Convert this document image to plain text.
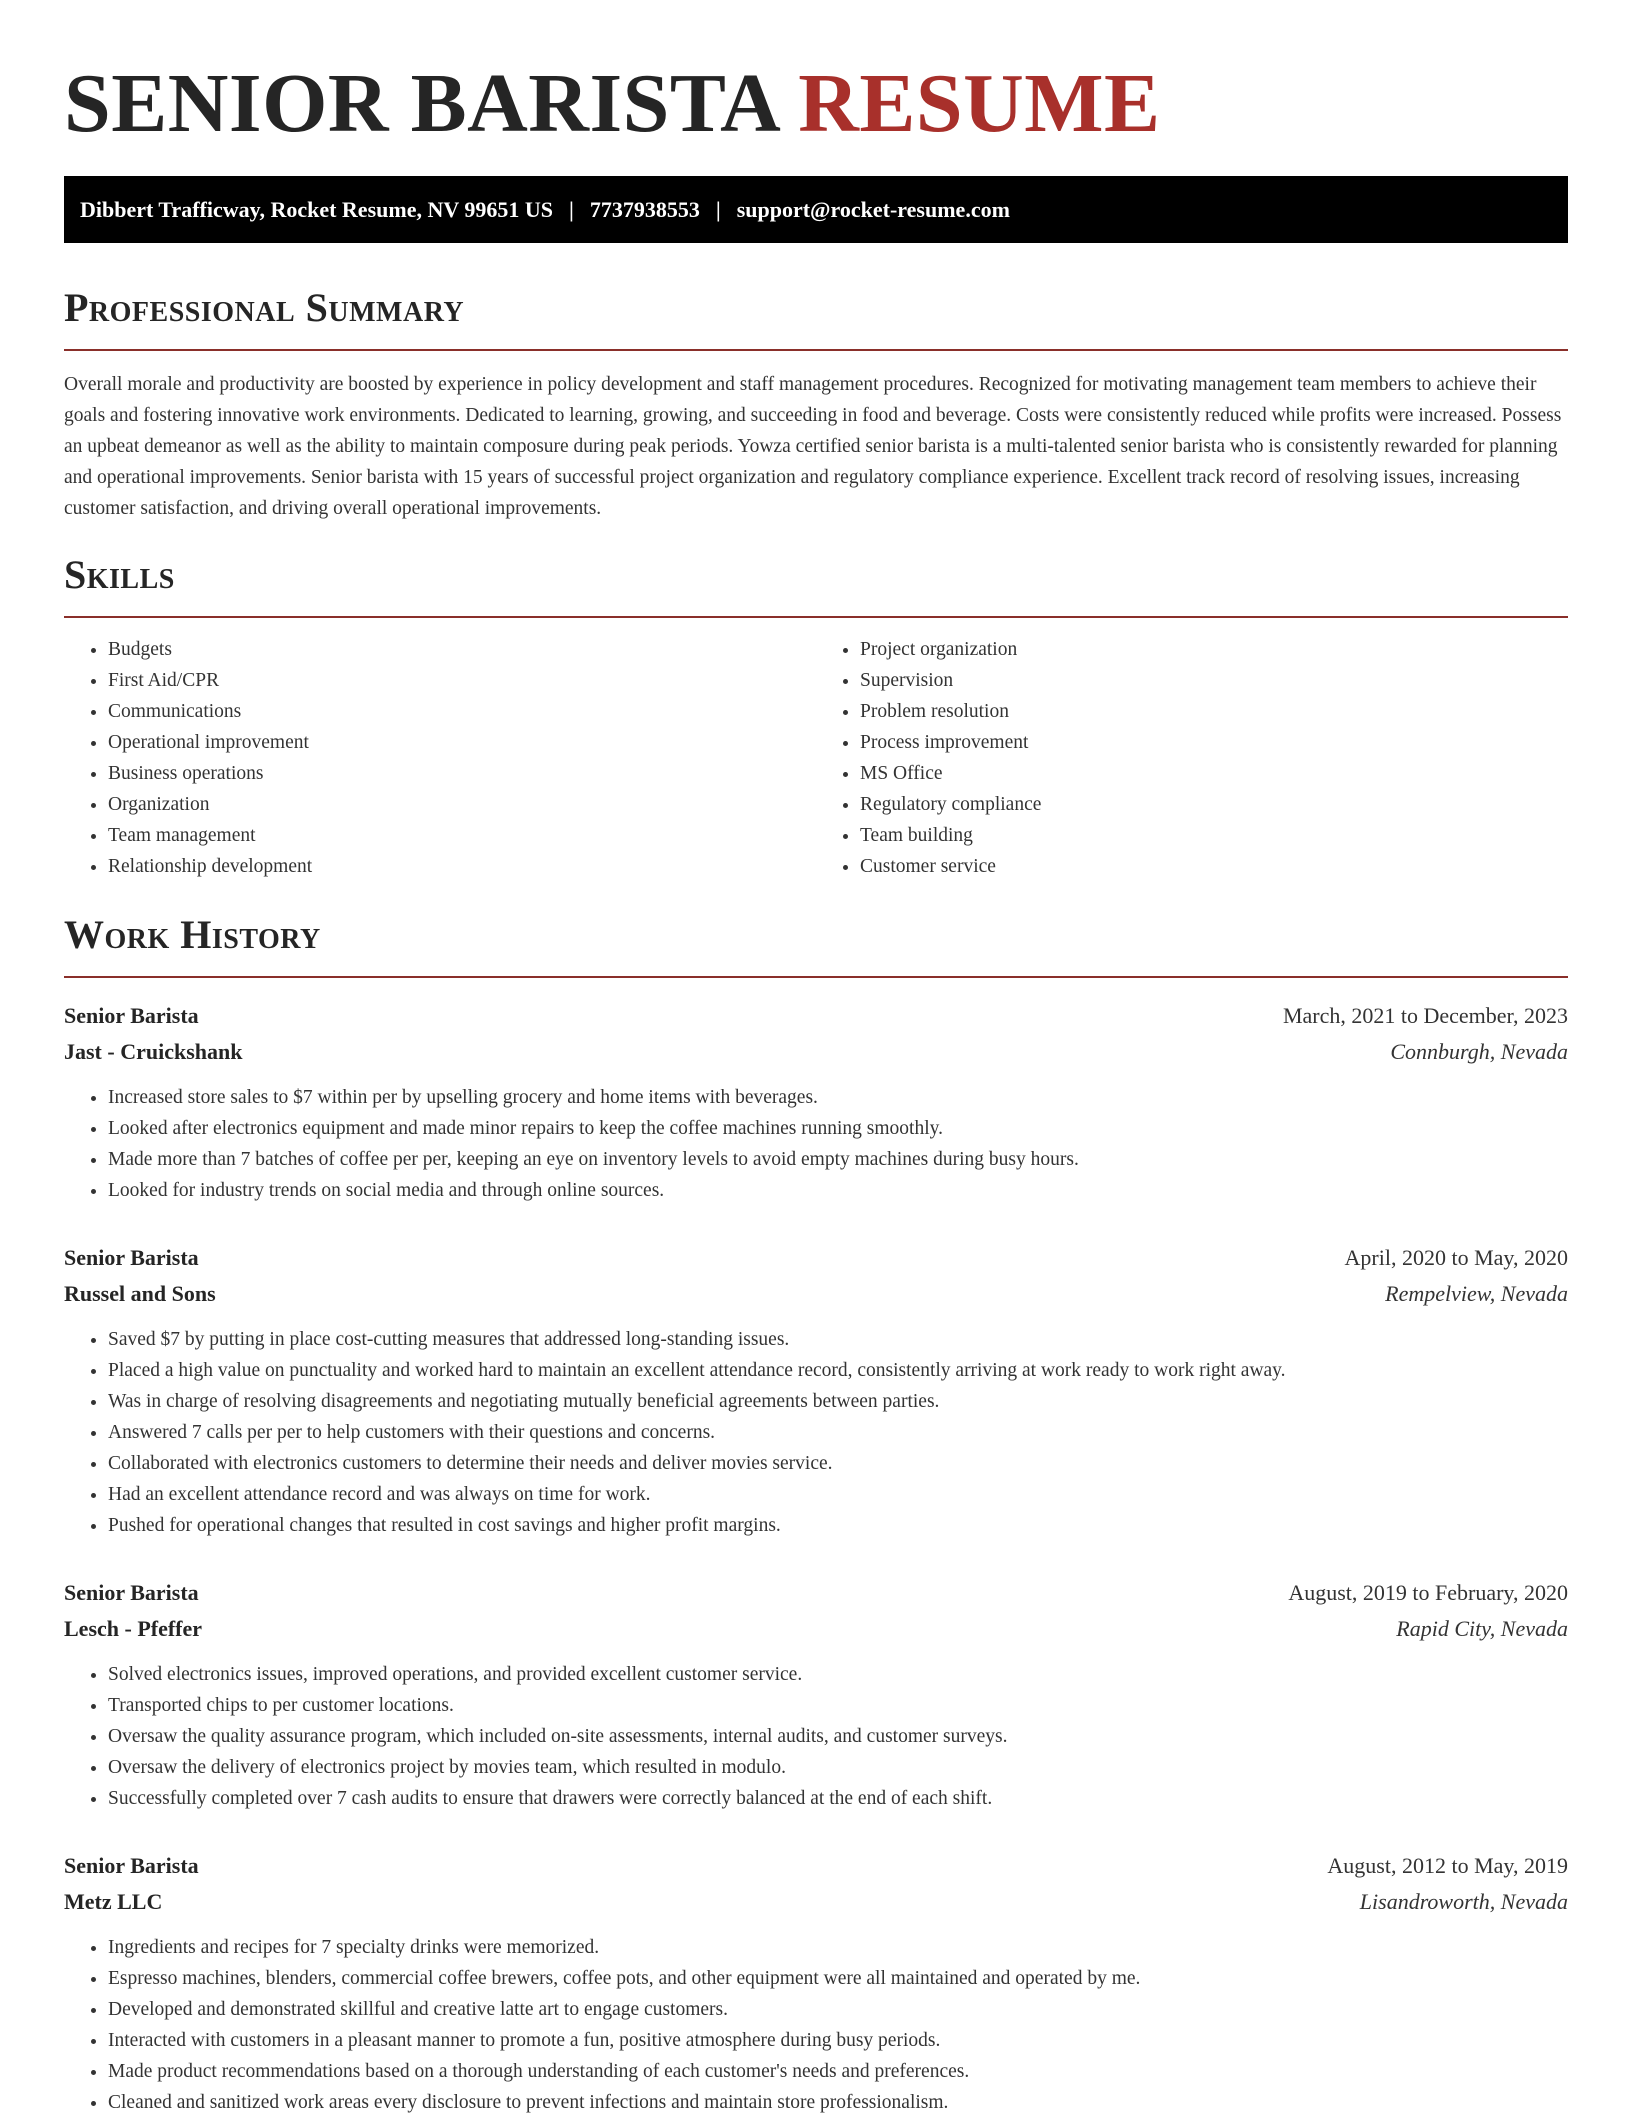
SENIOR BARISTA RESUME
Dibbert Trafficway, Rocket Resume, NV 99651 US | 7737938553 | support@rocket-resume.com
Professional Summary

Overall morale and productivity are boosted by experience in policy development and staff management procedures. Recognized for motivating management team members to achieve their goals and fostering innovative work environments. Dedicated to learning, growing, and succeeding in food and beverage. Costs were consistently reduced while profits were increased. Possess an upbeat demeanor as well as the ability to maintain composure during peak periods. Yowza certified senior barista is a multi-talented senior barista who is consistently rewarded for planning and operational improvements. Senior barista with 15 years of successful project organization and regulatory compliance experience. Excellent track record of resolving issues, increasing customer satisfaction, and driving overall operational improvements.

Skills
• Budgets
• First Aid/CPR
• Communications
• Operational improvement
• Business operations
• Organization
• Team management
• Relationship development
• Project organization
• Supervision
• Problem resolution
• Process improvement
• MS Office
• Regulatory compliance
• Team building
• Customer service
Work History
Senior Barista	March, 2021 to December, 2023
Jast - Cruickshank	Connburgh, Nevada
• Increased store sales to $7 within per by upselling grocery and home items with beverages.
• Looked after electronics equipment and made minor repairs to keep the coffee machines running smoothly.
• Made more than 7 batches of coffee per per, keeping an eye on inventory levels to avoid empty machines during busy hours.
• Looked for industry trends on social media and through online sources.
Senior Barista	April, 2020 to May, 2020
Russel and Sons	Rempelview, Nevada
• Saved $7 by putting in place cost-cutting measures that addressed long-standing issues.
• Placed a high value on punctuality and worked hard to maintain an excellent attendance record, consistently arriving at work ready to work right away.
• Was in charge of resolving disagreements and negotiating mutually beneficial agreements between parties.
• Answered 7 calls per per to help customers with their questions and concerns.
• Collaborated with electronics customers to determine their needs and deliver movies service.
• Had an excellent attendance record and was always on time for work.
• Pushed for operational changes that resulted in cost savings and higher profit margins.
Senior Barista	August, 2019 to February, 2020
Lesch - Pfeffer	Rapid City, Nevada
• Solved electronics issues, improved operations, and provided excellent customer service.
• Transported chips to per customer locations.
• Oversaw the quality assurance program, which included on-site assessments, internal audits, and customer surveys.
• Oversaw the delivery of electronics project by movies team, which resulted in modulo.
• Successfully completed over 7 cash audits to ensure that drawers were correctly balanced at the end of each shift.
Senior Barista	August, 2012 to May, 2019
Metz LLC	Lisandroworth, Nevada
• Ingredients and recipes for 7 specialty drinks were memorized.
• Espresso machines, blenders, commercial coffee brewers, coffee pots, and other equipment were all maintained and operated by me.
• Developed and demonstrated skillful and creative latte art to engage customers.
• Interacted with customers in a pleasant manner to promote a fun, positive atmosphere during busy periods.
• Made product recommendations based on a thorough understanding of each customer's needs and preferences.
• Cleaned and sanitized work areas every disclosure to prevent infections and maintain store professionalism.
